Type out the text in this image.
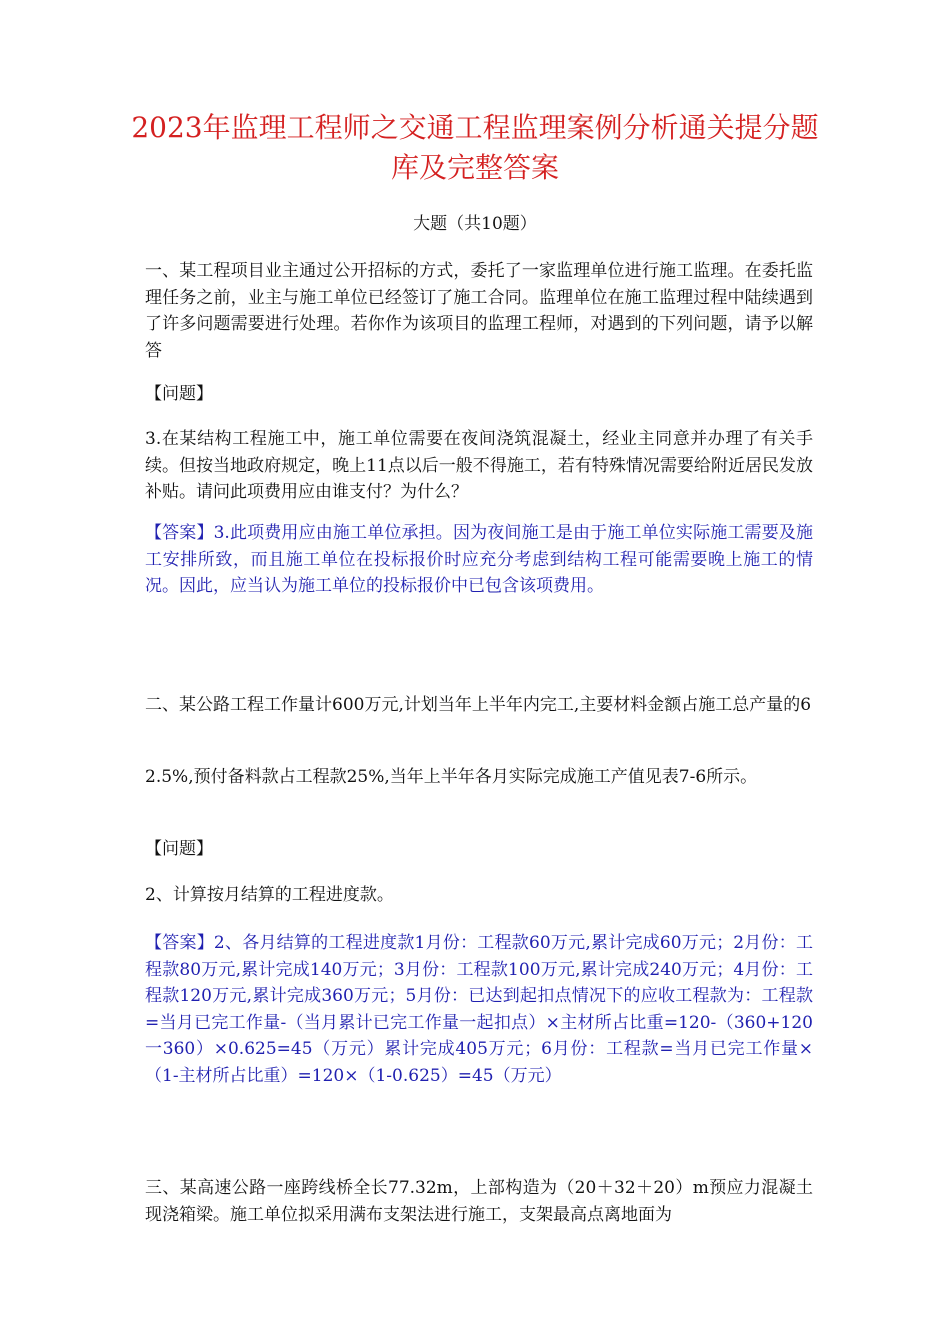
2023年监理工程师之交通工程监理案例分析通关提分题库及完整答案
大题（共10题）

一、某工程项目业主通过公开招标的方式，委托了一家监理单位进行施工监理。在委托监理任务之前，业主与施工单位已经签订了施工合同。监理单位在施工监理过程中陆续遇到了许多问题需要进行处理。若你作为该项目的监理工程师，对遇到的下列问题，请予以解答

【问题】

3.在某结构工程施工中，施工单位需要在夜间浇筑混凝土，经业主同意并办理了有关手续。但按当地政府规定，晚上11点以后一般不得施工，若有特殊情况需要给附近居民发放补贴。请问此项费用应由谁支付？为什么？

【答案】3.此项费用应由施工单位承担。因为夜间施工是由于施工单位实际施工需要及施工安排所致，而且施工单位在投标报价时应充分考虑到结构工程可能需要晚上施工的情况。因此，应当认为施工单位的投标报价中已包含该项费用。

二、某公路工程工作量计600万元,计划当年上半年内完工,主要材料金额占施工总产量的6

2.5%,预付备料款占工程款25%,当年上半年各月实际完成施工产值见表7-6所示。

【问题】

2、计算按月结算的工程进度款。

【答案】2、各月结算的工程进度款1月份：工程款60万元,累计完成60万元；2月份：工程款80万元,累计完成140万元；3月份：工程款100万元,累计完成240万元；4月份：工程款120万元,累计完成360万元；5月份：已达到起扣点情况下的应收工程款为：工程款=当月已完工作量-（当月累计已完工作量一起扣点）×主材所占比重=120-（360+120一360）×0.625=45（万元）累计完成405万元；6月份：工程款=当月已完工作量×（1-主材所占比重）=120×（1-0.625）=45（万元）

三、某高速公路一座跨线桥全长77.32m，上部构造为（20＋32＋20）m预应力混凝土现浇箱梁。施工单位拟采用满布支架法进行施工，支架最高点离地面为
